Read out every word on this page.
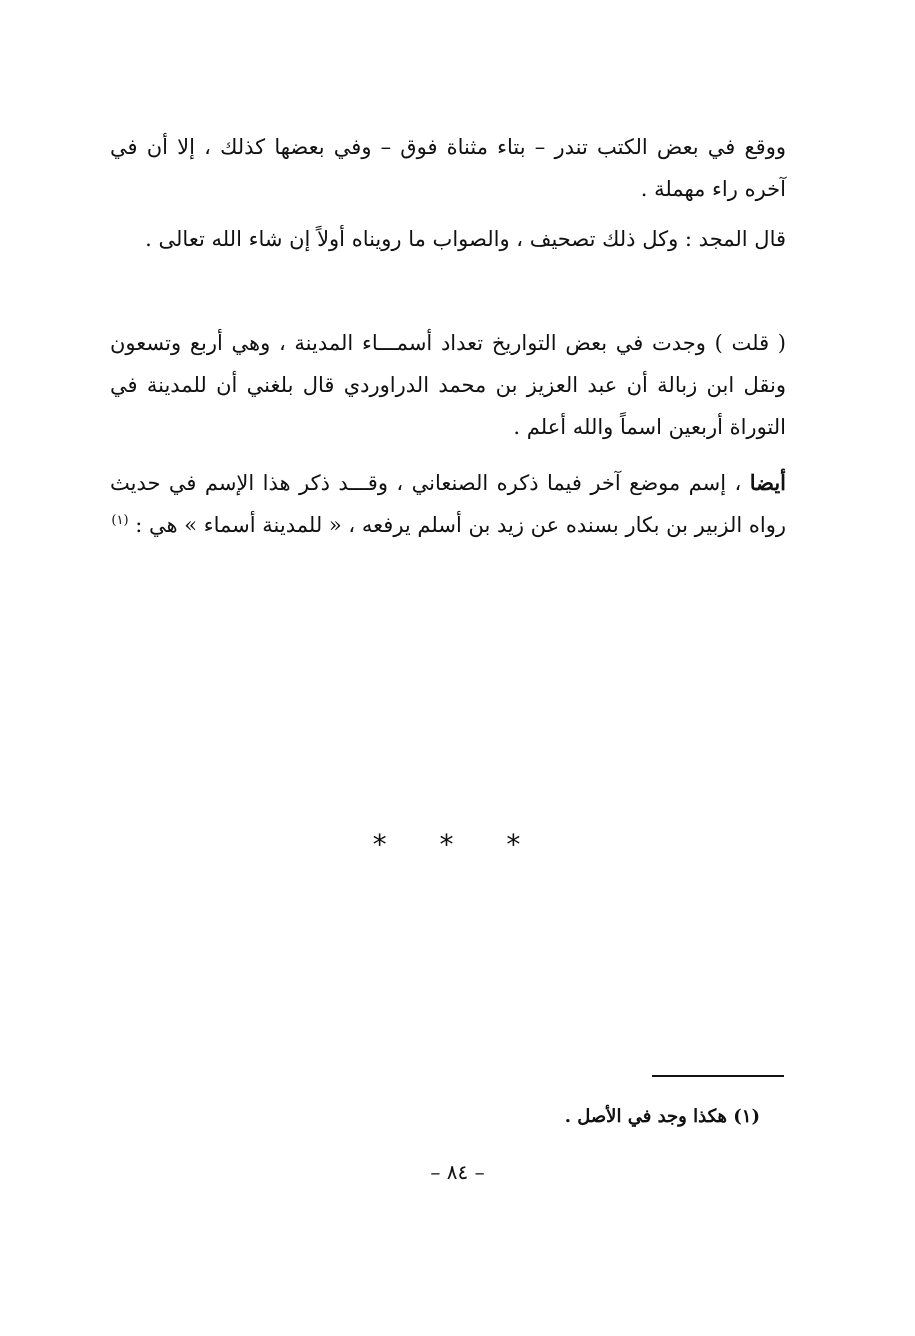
ووقع في بعض الكتب تندر – بتاء مثناة فوق – وفي بعضها كذلك ، إلا أن في آخره راء مهملة .

قال المجد : وكل ذلك تصحيف ، والصواب ما رويناه أولاً إن شاء الله تعالى .

( قلت ) وجدت في بعض التواريخ تعداد أسمـــاء المدينة ، وهي أربع وتسعون ونقل ابن زبالة أن عبد العزيز بن محمد الدراوردي قال بلغني أن للمدينة في التوراة أربعين اسماً والله أعلم .

أيضا ، إسم موضع آخر فيما ذكره الصنعاني ، وقـــد ذكر هذا الإسم في حديث رواه الزبير بن بكار بسنده عن زيد بن أسلم يرفعه ، « للمدينة أسماء » هي : $^{(١)}$

* * *
(١) هكذا وجد في الأصل .
– ٨٤ –
